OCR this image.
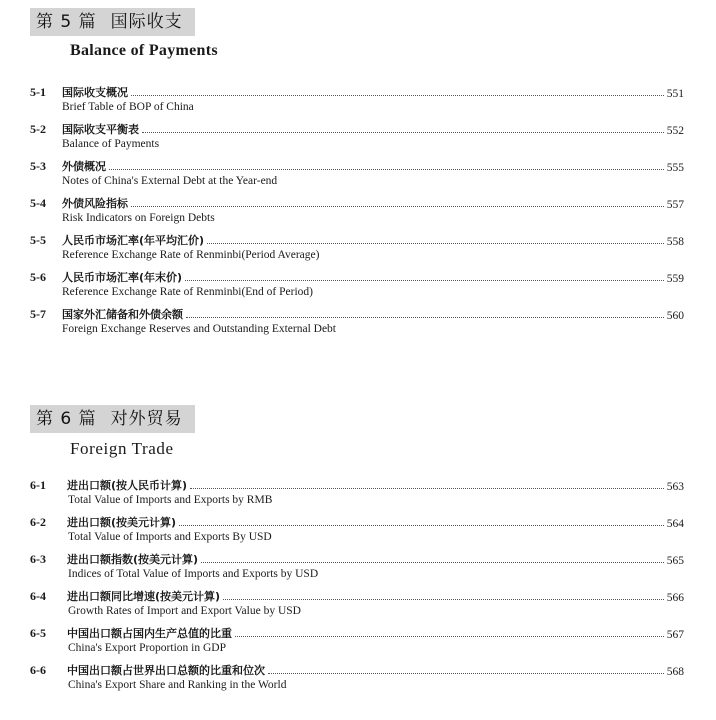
第 5 篇 国际收支
Balance of Payments
5-1	国际收支概况	551
Brief Table of BOP of China
5-2	国际收支平衡表	552
Balance of Payments
5-3	外债概况	555
Notes of China's External Debt at the Year-end
5-4	外债风险指标	557
Risk Indicators on Foreign Debts
5-5	人民币市场汇率(年平均汇价)	558
Reference Exchange Rate of Renminbi(Period Average)
5-6	人民币市场汇率(年末价)	559
Reference Exchange Rate of Renminbi(End of Period)
5-7	国家外汇储备和外债余额	560
Foreign Exchange Reserves and Outstanding External Debt
第 6 篇 对外贸易
Foreign Trade
6-1	进出口额(按人民币计算)	563
Total Value of Imports and Exports by RMB
6-2	进出口额(按美元计算)	564
Total Value of Imports and Exports By USD
6-3	进出口额指数(按美元计算)	565
Indices of Total Value of Imports and Exports by USD
6-4	进出口额同比增速(按美元计算)	566
Growth Rates of Import and Export Value by USD
6-5	中国出口额占国内生产总值的比重	567
China's Export Proportion in GDP
6-6	中国出口额占世界出口总额的比重和位次	568
China's Export Share and Ranking in the World
